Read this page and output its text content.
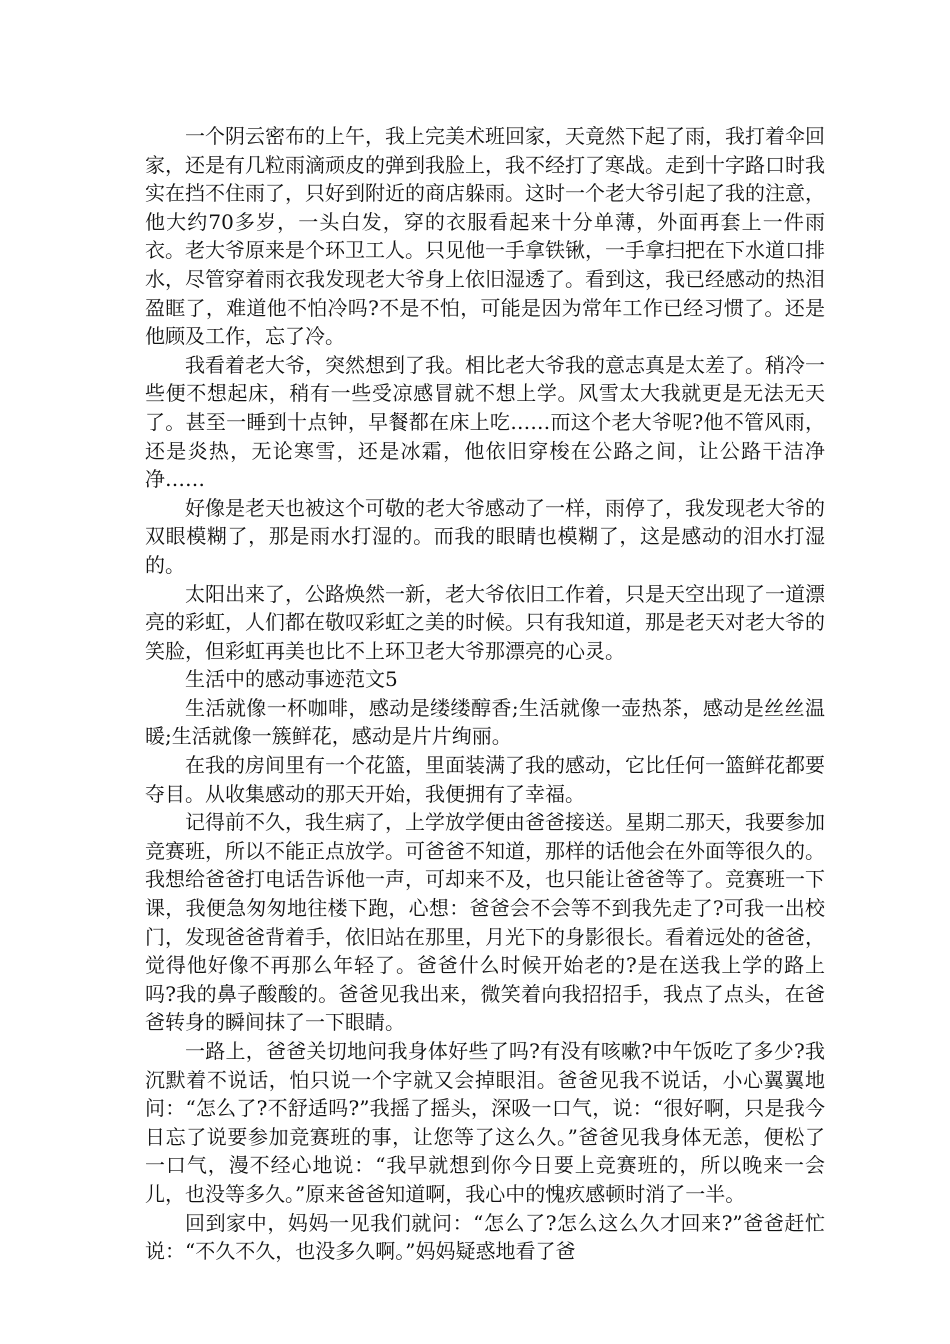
一个阴云密布的上午，我上完美术班回家，天竟然下起了雨，我打着伞回家，还是有几粒雨滴顽皮的弹到我脸上，我不经打了寒战。走到十字路口时我实在挡不住雨了，只好到附近的商店躲雨。这时一个老大爷引起了我的注意，他大约70多岁，一头白发，穿的衣服看起来十分单薄，外面再套上一件雨衣。老大爷原来是个环卫工人。只见他一手拿铁锹，一手拿扫把在下水道口排水，尽管穿着雨衣我发现老大爷身上依旧湿透了。看到这，我已经感动的热泪盈眶了，难道他不怕冷吗?不是不怕，可能是因为常年工作已经习惯了。还是他顾及工作，忘了冷。

我看着老大爷，突然想到了我。相比老大爷我的意志真是太差了。稍冷一些便不想起床，稍有一些受凉感冒就不想上学。风雪太大我就更是无法无天了。甚至一睡到十点钟，早餐都在床上吃……而这个老大爷呢?他不管风雨，还是炎热，无论寒雪，还是冰霜，他依旧穿梭在公路之间，让公路干洁净净……

好像是老天也被这个可敬的老大爷感动了一样，雨停了，我发现老大爷的双眼模糊了，那是雨水打湿的。而我的眼睛也模糊了，这是感动的泪水打湿的。

太阳出来了，公路焕然一新，老大爷依旧工作着，只是天空出现了一道漂亮的彩虹，人们都在敬叹彩虹之美的时候。只有我知道，那是老天对老大爷的笑脸，但彩虹再美也比不上环卫老大爷那漂亮的心灵。

生活中的感动事迹范文5

生活就像一杯咖啡，感动是缕缕醇香;生活就像一壶热茶，感动是丝丝温暖;生活就像一簇鲜花，感动是片片绚丽。

在我的房间里有一个花篮，里面装满了我的感动，它比任何一篮鲜花都要夺目。从收集感动的那天开始，我便拥有了幸福。

记得前不久，我生病了，上学放学便由爸爸接送。星期二那天，我要参加竞赛班，所以不能正点放学。可爸爸不知道，那样的话他会在外面等很久的。我想给爸爸打电话告诉他一声，可却来不及，也只能让爸爸等了。竞赛班一下课，我便急匆匆地往楼下跑，心想：爸爸会不会等不到我先走了?可我一出校门，发现爸爸背着手，依旧站在那里，月光下的身影很长。看着远处的爸爸，觉得他好像不再那么年轻了。爸爸什么时候开始老的?是在送我上学的路上吗?我的鼻子酸酸的。爸爸见我出来，微笑着向我招招手，我点了点头，在爸爸转身的瞬间抹了一下眼睛。

一路上，爸爸关切地问我身体好些了吗?有没有咳嗽?中午饭吃了多少?我沉默着不说话，怕只说一个字就又会掉眼泪。爸爸见我不说话，小心翼翼地问：“怎么了?不舒适吗?”我摇了摇头，深吸一口气，说：“很好啊，只是我今日忘了说要参加竞赛班的事，让您等了这么久。”爸爸见我身体无恙，便松了一口气，漫不经心地说：“我早就想到你今日要上竞赛班的，所以晚来一会儿，也没等多久。”原来爸爸知道啊，我心中的愧疚感顿时消了一半。

回到家中，妈妈一见我们就问：“怎么了?怎么这么久才回来?”爸爸赶忙说：“不久不久，也没多久啊。”妈妈疑惑地看了爸
